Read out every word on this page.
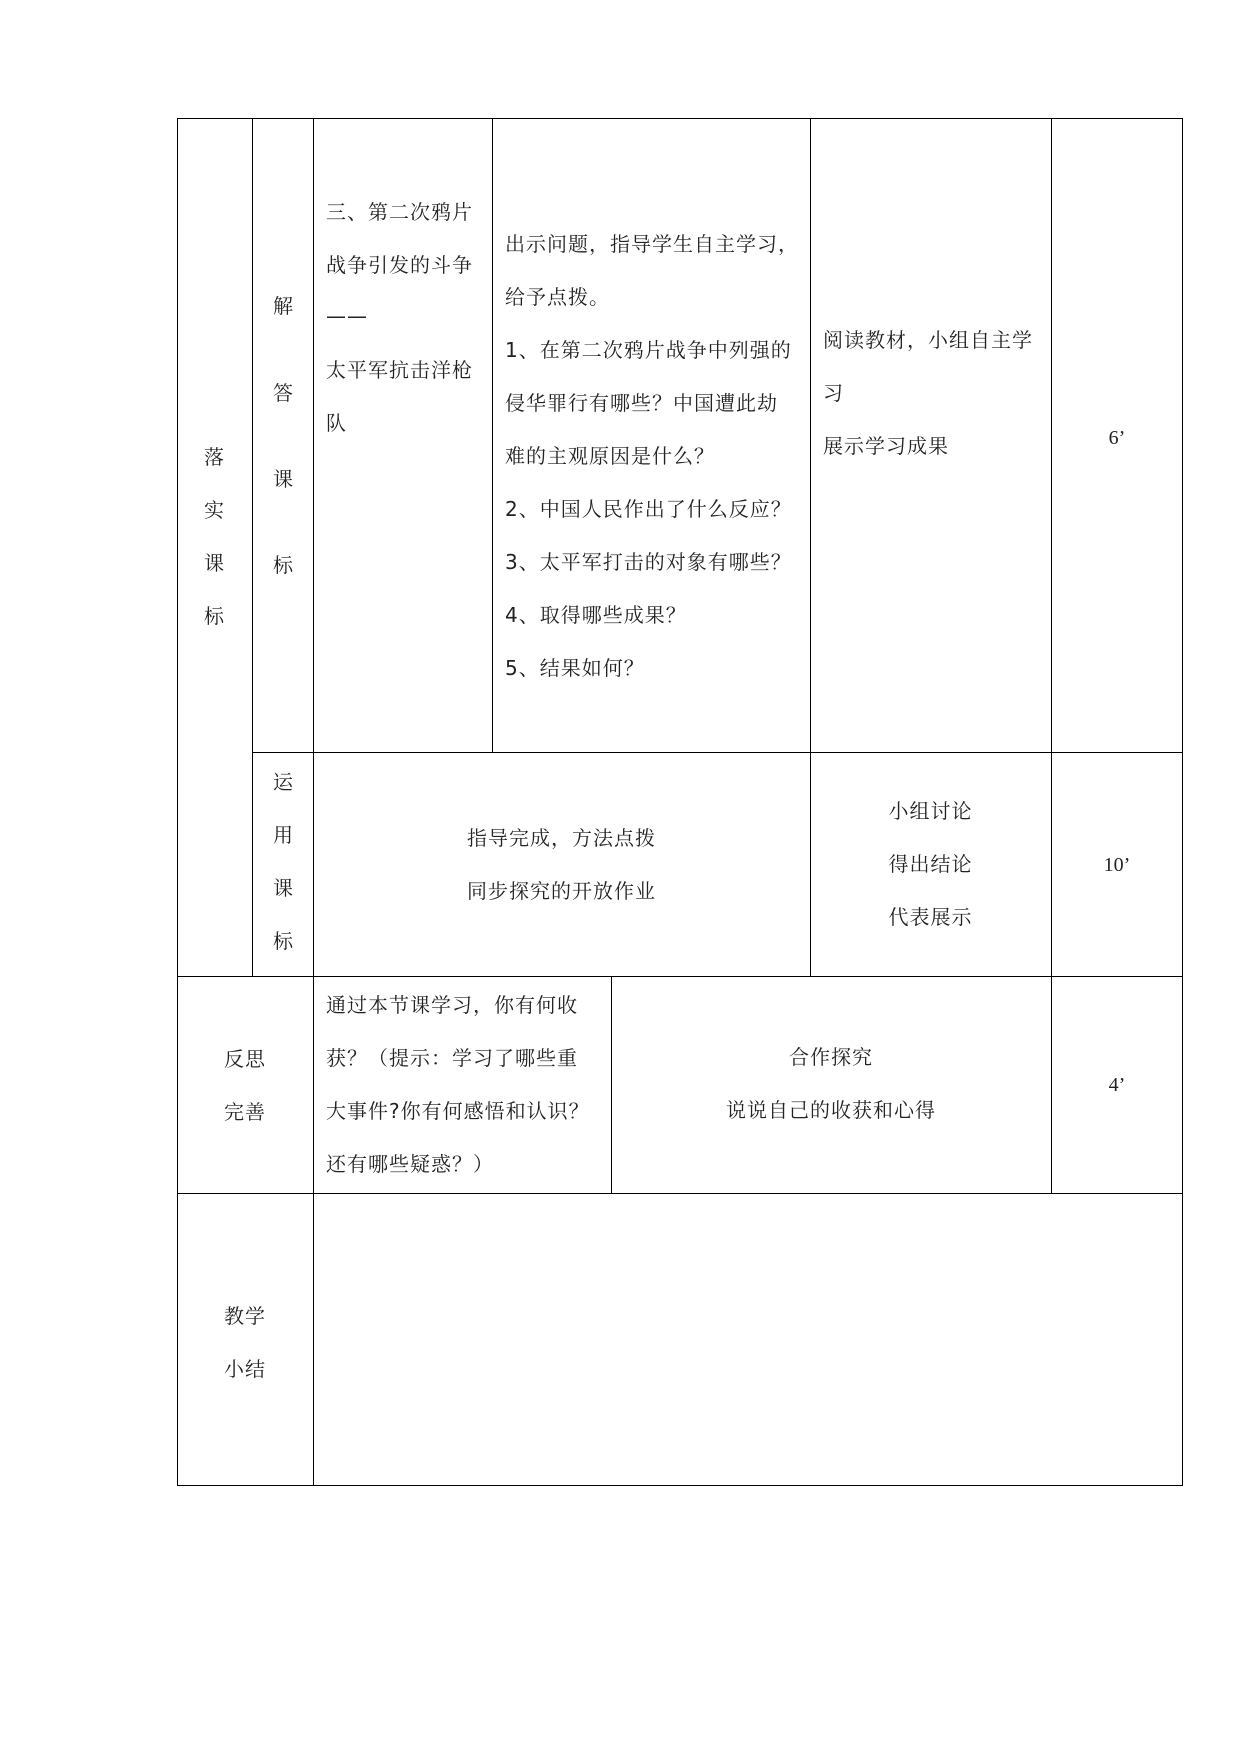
落
实
课
标
解
答
课
标
三、第二次鸦片
战争引发的斗争
——
太平军抗击洋枪
队
出示问题，指导学生自主学习，
给予点拨。
1、在第二次鸦片战争中列强的
侵华罪行有哪些？中国遭此劫
难的主观原因是什么？
2、中国人民作出了什么反应？
3、太平军打击的对象有哪些？
4、取得哪些成果？
5、结果如何？
阅读教材，小组自主学
习
展示学习成果	6’
运
用
课
标
指导完成，方法点拨
同步探究的开放作业
小组讨论
得出结论
代表展示
10’
反思
完善
通过本节课学习，你有何收
获？（提示：学习了哪些重
大事件?你有何感悟和认识？
还有哪些疑惑？）
合作探究
说说自己的收获和心得
4’
教学
小结
